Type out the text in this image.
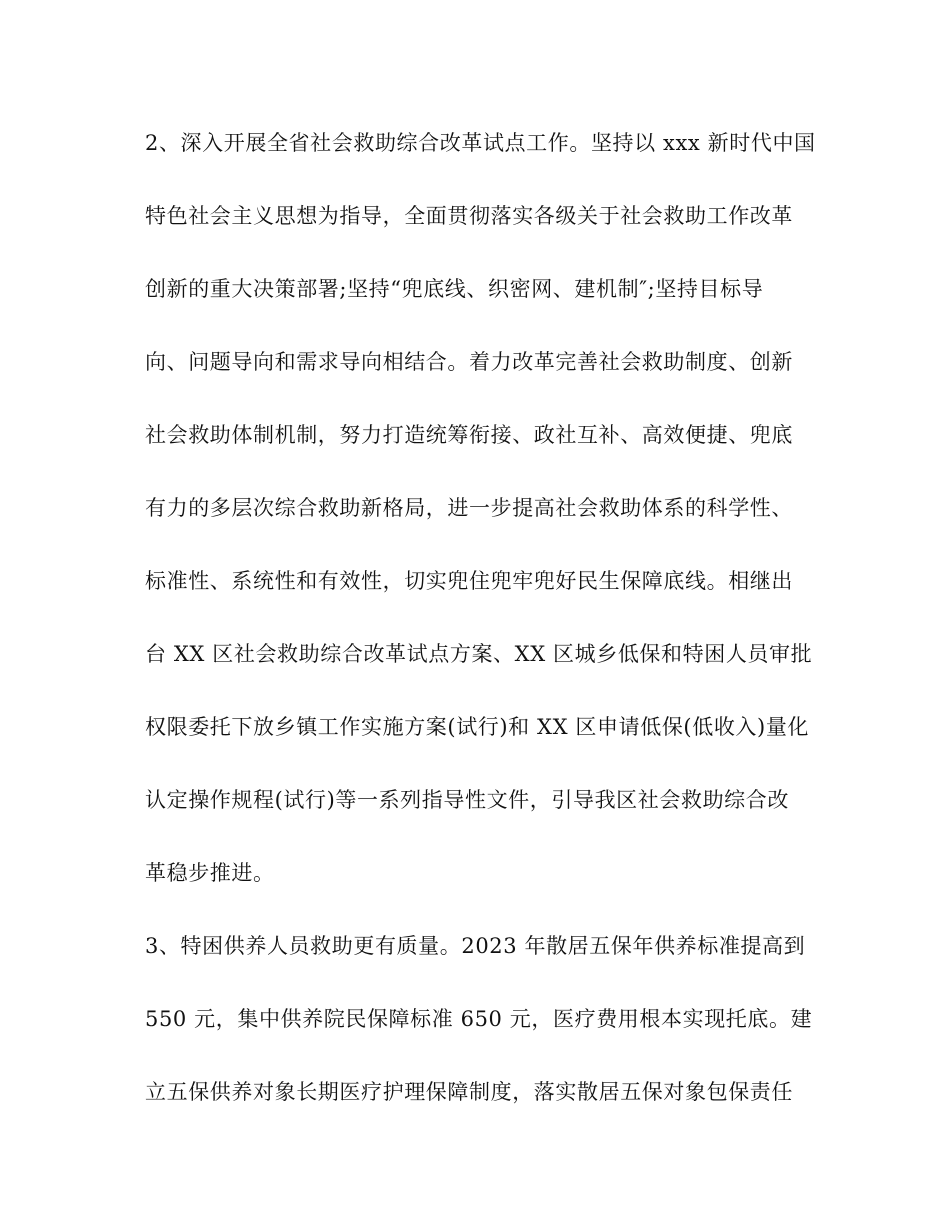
2、深入开展全省社会救助综合改革试点工作。坚持以 xxx 新时代中国
特色社会主义思想为指导，全面贯彻落实各级关于社会救助工作改革
创新的重大决策部署;坚持“兜底线、织密网、建机制″;坚持目标导
向、问题导向和需求导向相结合。着力改革完善社会救助制度、创新
社会救助体制机制，努力打造统筹衔接、政社互补、高效便捷、兜底
有力的多层次综合救助新格局，进一步提高社会救助体系的科学性、
标准性、系统性和有效性，切实兜住兜牢兜好民生保障底线。相继出
台 XX 区社会救助综合改革试点方案、XX 区城乡低保和特困人员审批
权限委托下放乡镇工作实施方案(试行)和 XX 区申请低保(低收入)量化
认定操作规程(试行)等一系列指导性文件，引导我区社会救助综合改
革稳步推进。
3、特困供养人员救助更有质量。2023 年散居五保年供养标准提高到
550 元，集中供养院民保障标准 650 元，医疗费用根本实现托底。建
立五保供养对象长期医疗护理保障制度，落实散居五保对象包保责任
